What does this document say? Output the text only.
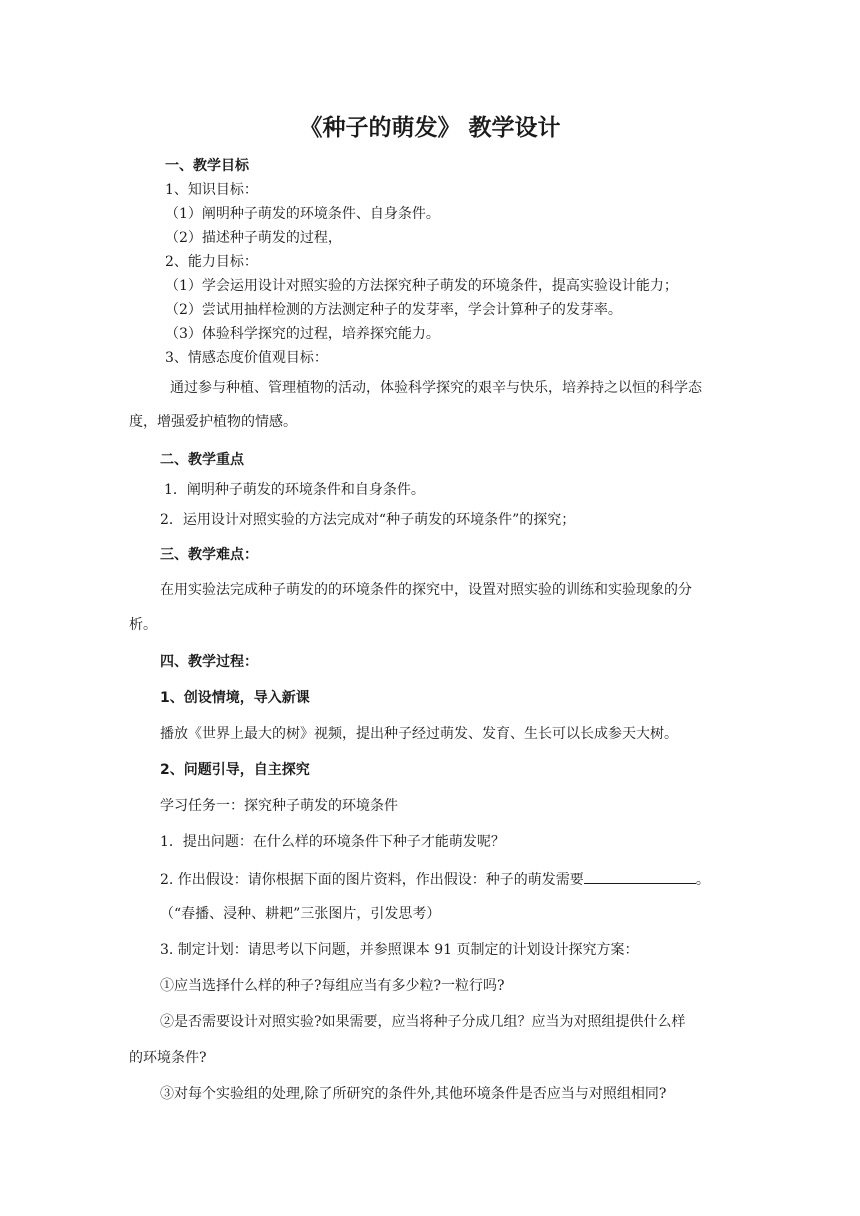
《种子的萌发》 教学设计
一、教学目标
1、知识目标：
（1）阐明种子萌发的环境条件、自身条件。
（2）描述种子萌发的过程，
2、能力目标：
（1）学会运用设计对照实验的方法探究种子萌发的环境条件，提高实验设计能力；
（2）尝试用抽样检测的方法测定种子的发芽率，学会计算种子的发芽率。
（3）体验科学探究的过程，培养探究能力。
3、情感态度价值观目标：
通过参与种植、管理植物的活动，体验科学探究的艰辛与快乐，培养持之以恒的科学态
度，增强爱护植物的情感。
二、教学重点
1．阐明种子萌发的环境条件和自身条件。
2．运用设计对照实验的方法完成对“种子萌发的环境条件”的探究；
三、教学难点：
在用实验法完成种子萌发的的环境条件的探究中，设置对照实验的训练和实验现象的分
析。
四、教学过程：
1、创设情境，导入新课
播放《世界上最大的树》视频，提出种子经过萌发、发育、生长可以长成参天大树。
2、问题引导，自主探究
学习任务一：探究种子萌发的环境条件
1．提出问题：在什么样的环境条件下种子才能萌发呢？
2. 作出假设：请你根据下面的图片资料，作出假设：种子的萌发需要	。
（“春播、浸种、耕耙”三张图片，引发思考）
3. 制定计划：请思考以下问题，并参照课本 91 页制定的计划设计探究方案：
①应当选择什么样的种子?每组应当有多少粒?一粒行吗?
②是否需要设计对照实验?如果需要，应当将种子分成几组？应当为对照组提供什么样
的环境条件?
③对每个实验组的处理,除了所研究的条件外,其他环境条件是否应当与对照组相同?
